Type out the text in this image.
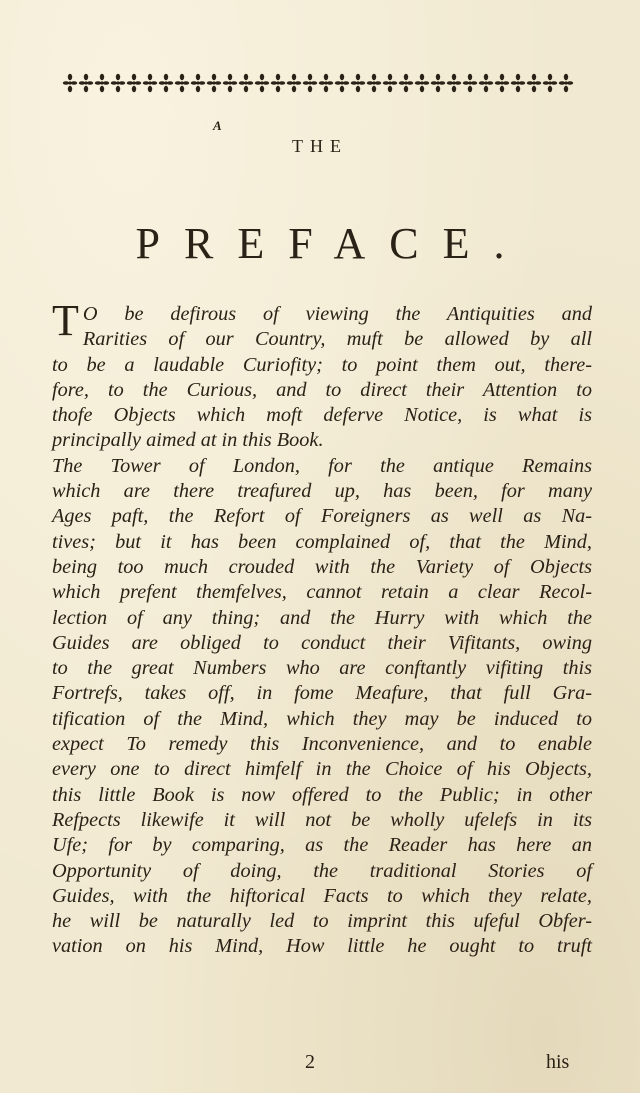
A
THE
PREFACE.
T O be defirous of viewing the Antiquities and

Rarities of our Country, muft be allowed by all

to be a laudable Curiofity; to point them out, there-

fore, to the Curious, and to direct their Attention to

thofe Objects which moft deferve Notice, is what is

principally aimed at in this Book.

The Tower of London, for the antique Remains

which are there treafured up, has been, for many

Ages paft, the Refort of Foreigners as well as Na-

tives; but it has been complained of, that the Mind,

being too much crouded with the Variety of Objects

which prefent themfelves, cannot retain a clear Recol-

lection of any thing; and the Hurry with which the

Guides are obliged to conduct their Vifitants, owing

to the great Numbers who are conftantly vifiting this

Fortrefs, takes off, in fome Meafure, that full Gra-

tification of the Mind, which they may be induced to

expect To remedy this Inconvenience, and to enable

every one to direct himfelf in the Choice of his Objects,

this little Book is now offered to the Public; in other

Refpects likewife it will not be wholly ufelefs in its

Ufe; for by comparing, as the Reader has here an

Opportunity of doing, the traditional Stories of

Guides, with the hiftorical Facts to which they relate,

he will be naturally led to imprint this ufeful Obfer-

vation on his Mind, How little he ought to truft

2	his
